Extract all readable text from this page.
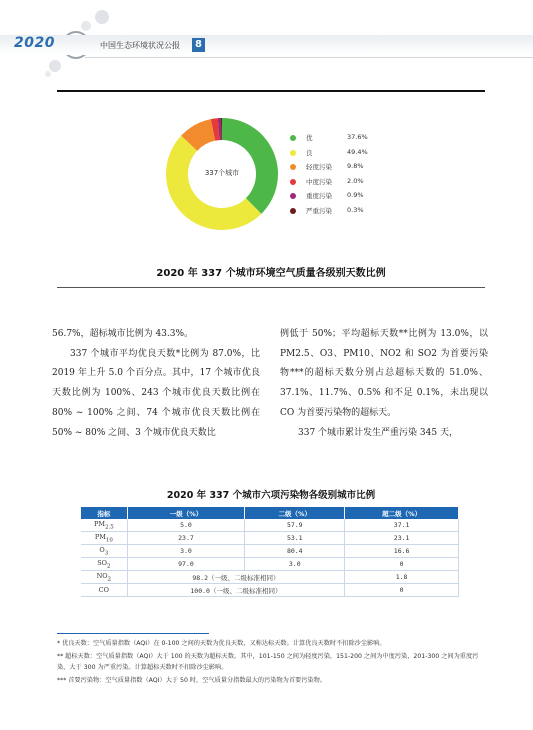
2020	中国生态环境状况公报	8
337个城市
优	37.6%
良	49.4%
轻度污染 9.8%
中度污染 2.0%
重度污染 0.9%
严重污染 0.3%
2020 年 337 个城市环境空气质量各级别天数比例

56.7%，超标城市比例为 43.3%。

337 个城市平均优良天数*比例为 87.0%，比 2019 年上升 5.0 个百分点。其中，17 个城市优良天数比例为 100%、243 个城市优良天数比例在 80% ~ 100% 之间、74 个城市优良天数比例在 50% ~ 80% 之间、3 个城市优良天数比

例低于 50%；平均超标天数**比例为 13.0%，以 PM2.5、O3、PM10、NO2 和 SO2 为首要污染物***的超标天数分别占总超标天数的 51.0%、37.1%、11.7%、0.5% 和不足 0.1%，未出现以 CO 为首要污染物的超标天。

337 个城市累计发生严重污染 345 天，

2020 年 337 个城市六项污染物各级别城市比例
指标	一级（%）	二级（%）	超二级（%）
$PM_{2.5}$	5.0	57.9	37.1
$PM_{10}$	23.7	53.1	23.1
$O_3$	3.0	80.4	16.6
$SO_2$	97.0	3.0	0
$NO_2$	98.2（一级、二级标准相同）		1.8
CO	100.0（一级、二级标准相同）		0
* 优良天数：空气质量指数（AQI）在 0-100 之间的天数为优良天数，又称达标天数。计算优良天数时不扣除沙尘影响。
** 超标天数：空气质量指数（AQI）大于 100 的天数为超标天数。其中，101-150 之间为轻度污染，151-200 之间为中度污染，201-300 之间为重度污染，大于 300 为严重污染。计算超标天数时不扣除沙尘影响。
*** 首要污染物：空气质量指数（AQI）大于 50 时，空气质量分指数最大的污染物为首要污染物。
